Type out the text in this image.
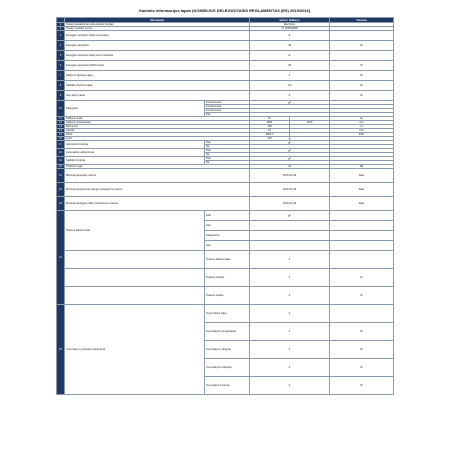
Gaminio informacijos lapas (KOMISIJOS DELEGUOTASIS REGLAMENTAS (ES) 2019/2016)
	Informacija		Vertė ir deklaruo		Vienetas
1	Tiekėjo pavadinimas arba prekės ženklas		Electrolux		
2	Tiekėjo modelio žymuo		TL 000000000		
3	Energijos vartojimo efektyvumo klasė		E		
4	Energijos sąnaudos		49		W
5	Energijos vartojimo efektyvumo indeksas		E		
6	Energijos sąnaudos (kWh/metus)		49		W
7	Šaldymo skyriaus talpa		0		W
8	Šaldiklio skyriaus talpa		0.0		W
9	Visų skyrių talpa		0		W
10	Kategorija	Kombinuotas	✔		
		Kombinuotas			
		Kombinuotas			
		Kita			
11	Šaldymo galia		16		kg
12	Šaldymo temperatūra		3966	1150	mm
13	Matmenys		108		cm
14	Aukštis		22		mm
15	Plotis		3966.0		kWh
16	Gylis		120		
17	Apšvietimo funkcija	Taip	✔		
		Ne			
18	Automatinis atitirpinimas	Taip	✔		
		Ne			
19	Šaldiklio funkcija	Taip	✔		
		Ne			
20	Triukšmo lygis		42		dB
21	Minimali garantijos trukmė		2016-01-28		Data
22	Minimali programinės įrangos atnaujinimų trukmė		2016-01-28		Data
23	Minimali atsarginių dalių prieinamumo trukmė		2016-01-28		Data
24	Šviesos šaltinio tipas	LED	✔		
		Kita			
		Halogeninis			
		Kita			
		Šviesos šaltinio klasė	0		
		Šviesos srautas	0		lm
		Šviesos spalva	0		W
25	Vyno laikymo prietaiso parametrai	Vyno butelių talpa	0		
		Vyno laikymo temperatūra	0		W
		Vyno laikymo drėgmė	0		W
		Vyno laikymo vibracija	0		W
		Vyno laikymo šviesa	0		W
